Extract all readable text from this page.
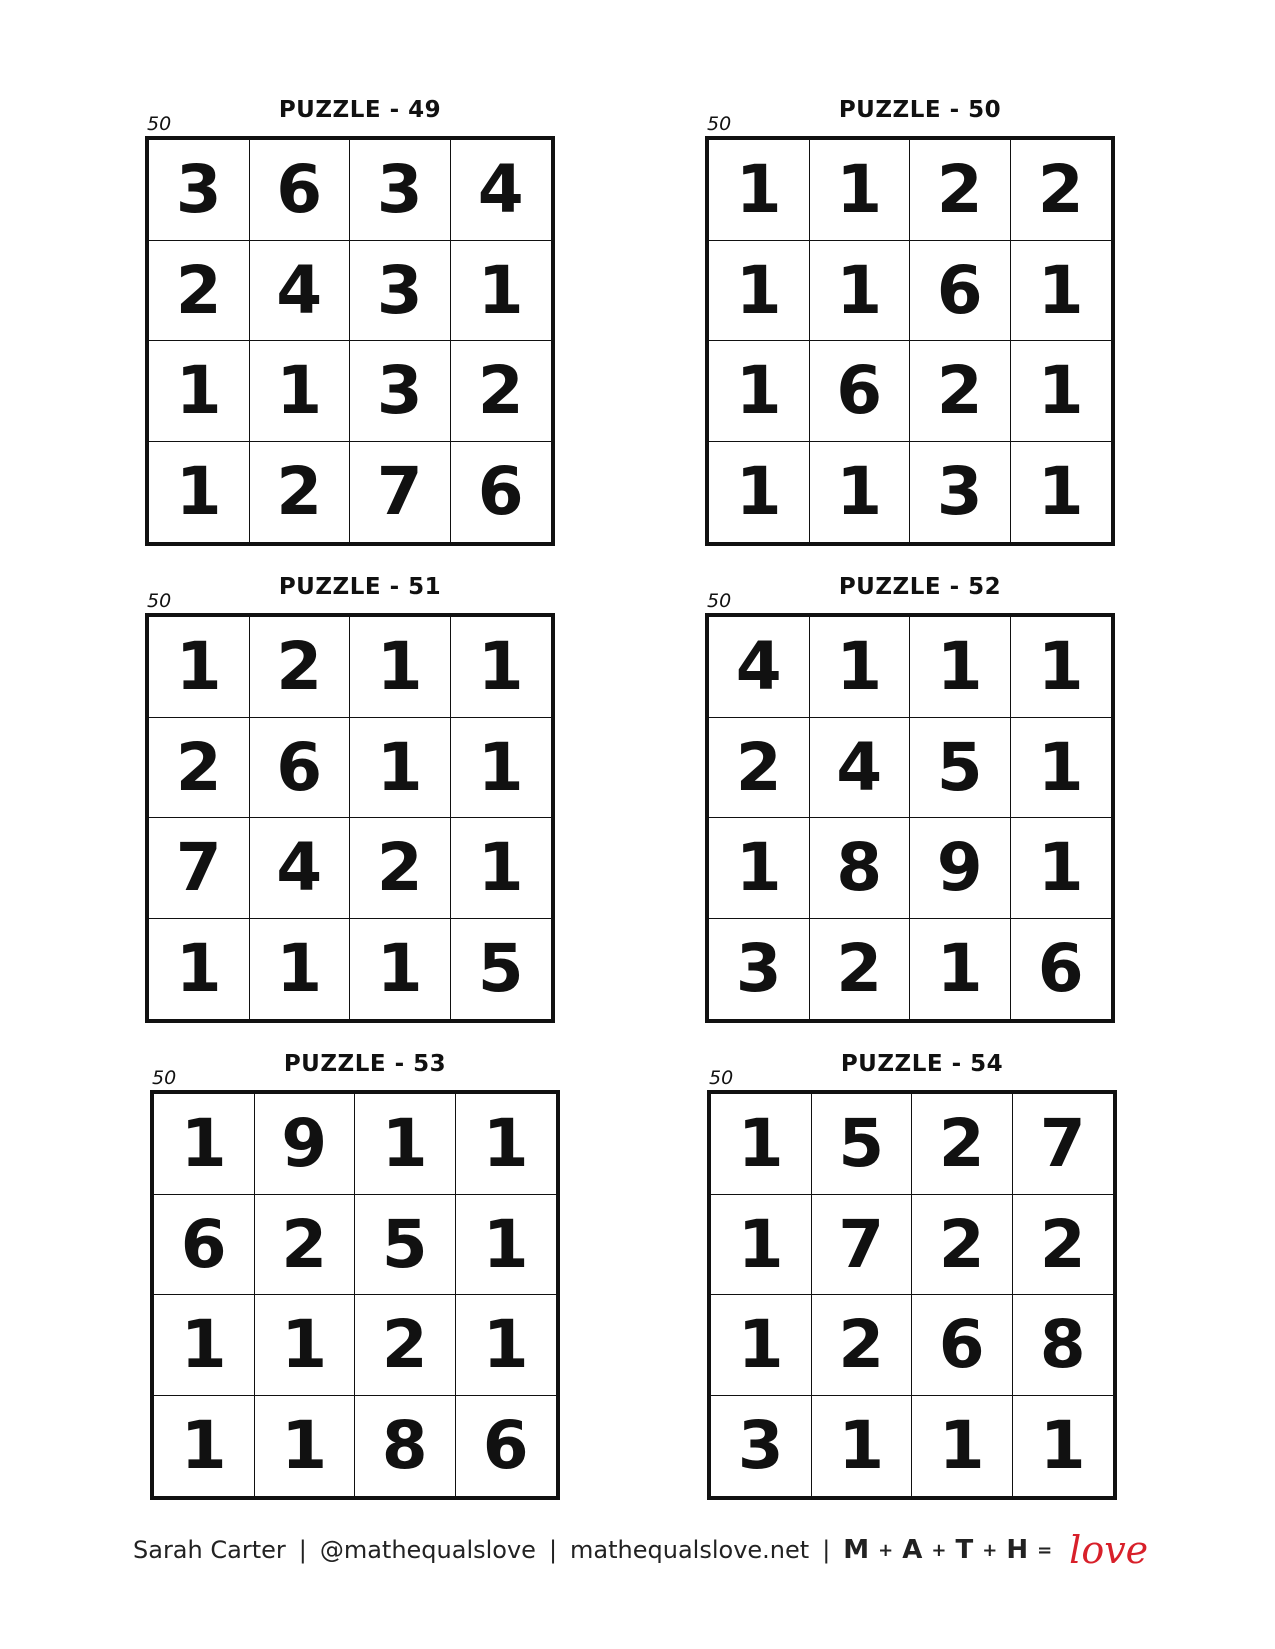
PUZZLE - 49
50
3 6 3 4
2 4 3 1
1 1 3 2
1 2 7 6
PUZZLE - 50
50
1 1 2 2
1 1 6 1
1 6 2 1
1 1 3 1
PUZZLE - 51
50
1 2 1 1
2 6 1 1
7 4 2 1
1 1 1 5
PUZZLE - 52
50
4 1 1 1
2 4 5 1
1 8 9 1
3 2 1 6
PUZZLE - 53
50
1 9 1 1
6 2 5 1
1 1 2 1
1 1 8 6
PUZZLE - 54
50
1 5 2 7
1 7 2 2
1 2 6 8
3 1 1 1
Sarah Carter | @mathequalslove | mathequalslove.net | M + A + T + H = love
